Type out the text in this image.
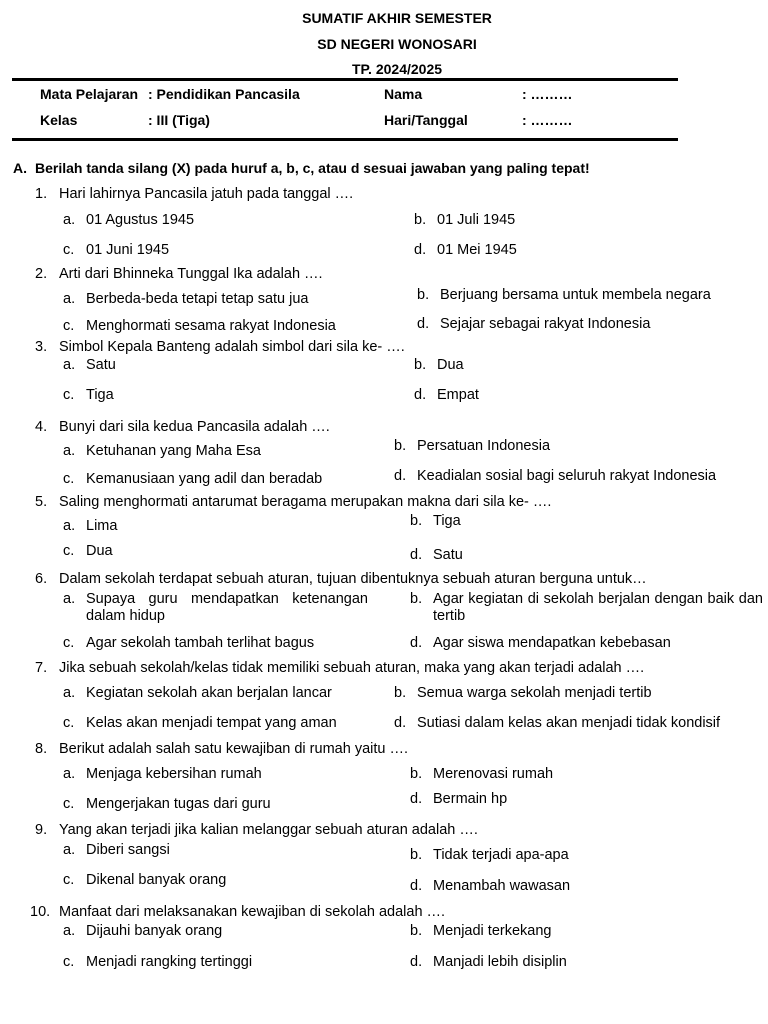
SUMATIF AKHIR SEMESTER
SD NEGERI WONOSARI
TP. 2024/2025
Mata Pelajaran : Pendidikan Pancasila	Nama	: ………
Kelas	: III (Tiga)	Hari/Tanggal	: ………
A. Berilah tanda silang (X) pada huruf a, b, c, atau d sesuai jawaban yang paling tepat!
1. Hari lahirnya Pancasila jatuh pada tanggal ….
a. 01 Agustus 1945	b. 01 Juli 1945
c. 01 Juni 1945	d. 01 Mei 1945
2. Arti dari Bhinneka Tunggal Ika adalah ….
a. Berbeda-beda tetapi tetap satu jua	b. Berjuang bersama untuk membela negara
c. Menghormati sesama rakyat Indonesia	d. Sejajar sebagai rakyat Indonesia
3. Simbol Kepala Banteng adalah simbol dari sila ke- ….
a. Satu	b. Dua
c. Tiga	d. Empat
4. Bunyi dari sila kedua Pancasila adalah ….
a. Ketuhanan yang Maha Esa	b. Persatuan Indonesia
c. Kemanusiaan yang adil dan beradab	d. Keadialan sosial bagi seluruh rakyat Indonesia
5. Saling menghormati antarumat beragama merupakan makna dari sila ke- ….
a. Lima	b. Tiga
c. Dua	d. Satu
6. Dalam sekolah terdapat sebuah aturan, tujuan dibentuknya sebuah aturan berguna untuk…
a. Supaya guru mendapatkan ketenangan dalam hidup
b. Agar kegiatan di sekolah berjalan dengan baik dan tertib
c. Agar sekolah tambah terlihat bagus	d. Agar siswa mendapatkan kebebasan
7. Jika sebuah sekolah/kelas tidak memiliki sebuah aturan, maka yang akan terjadi adalah ….
a. Kegiatan sekolah akan berjalan lancar	b. Semua warga sekolah menjadi tertib
c. Kelas akan menjadi tempat yang aman	d. Sutiasi dalam kelas akan menjadi tidak kondisif
8. Berikut adalah salah satu kewajiban di rumah yaitu ….
a. Menjaga kebersihan rumah	b. Merenovasi rumah
c. Mengerjakan tugas dari guru	d. Bermain hp
9. Yang akan terjadi jika kalian melanggar sebuah aturan adalah ….
a. Diberi sangsi	b. Tidak terjadi apa-apa
c. Dikenal banyak orang	d. Menambah wawasan
10. Manfaat dari melaksanakan kewajiban di sekolah adalah ….
a. Dijauhi banyak orang	b. Menjadi terkekang
c. Menjadi rangking tertinggi	d. Manjadi lebih disiplin
